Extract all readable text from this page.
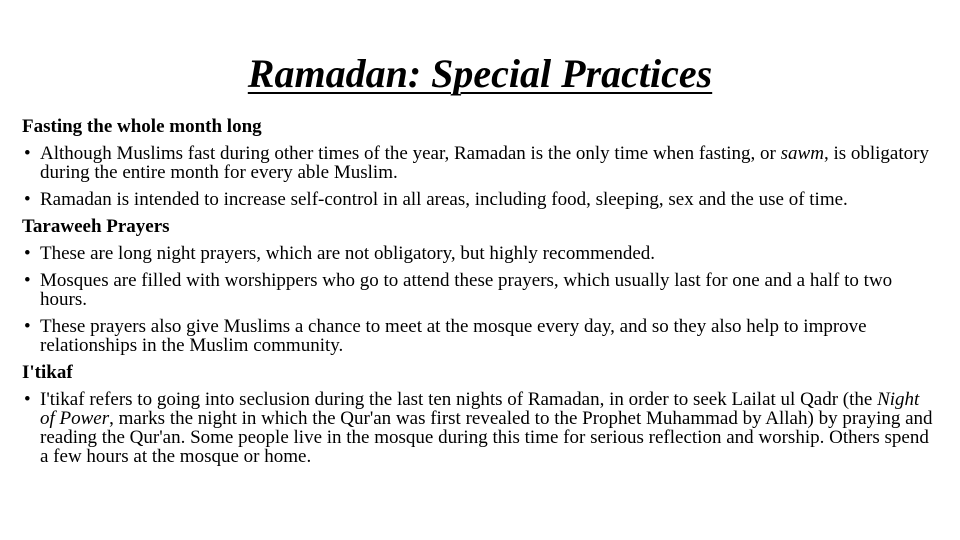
Ramadan: Special Practices
Fasting the whole month long
• Although Muslims fast during other times of the year, Ramadan is the only time when fasting, or sawm, is obligatory during the entire month for every able Muslim.
• Ramadan is intended to increase self-control in all areas, including food, sleeping, sex and the use of time.
Taraweeh Prayers
• These are long night prayers, which are not obligatory, but highly recommended.
• Mosques are filled with worshippers who go to attend these prayers, which usually last for one and a half to two hours.
• These prayers also give Muslims a chance to meet at the mosque every day, and so they also help to improve relationships in the Muslim community.
I'tikaf
• I'tikaf refers to going into seclusion during the last ten nights of Ramadan, in order to seek Lailat ul Qadr (the Night of Power, marks the night in which the Qur'an was first revealed to the Prophet Muhammad by Allah) by praying and reading the Qur'an. Some people live in the mosque during this time for serious reflection and worship. Others spend a few hours at the mosque or home.
